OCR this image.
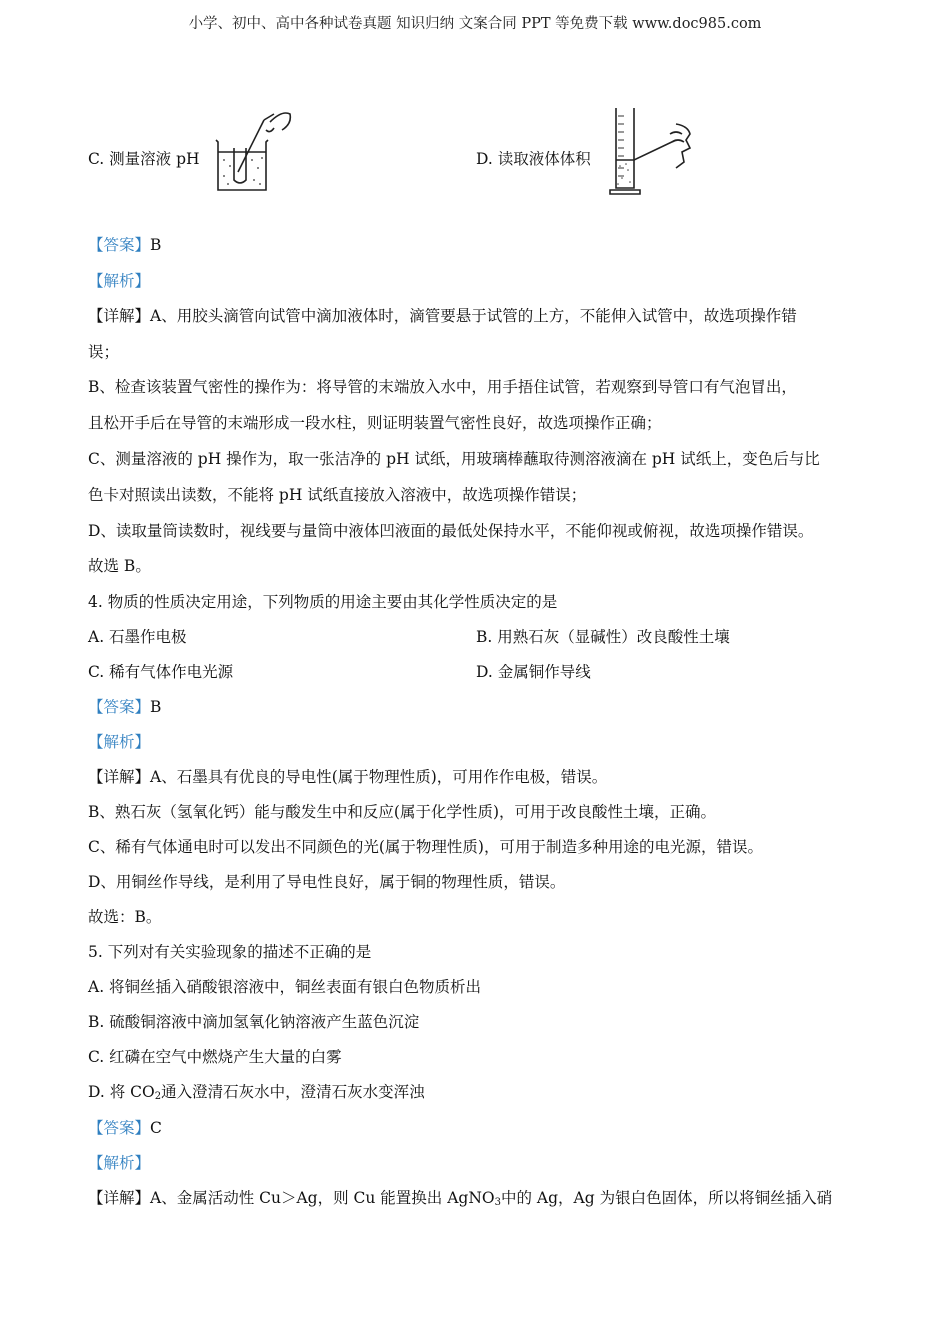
小学、初中、高中各种试卷真题 知识归纳 文案合同 PPT 等免费下载 www.doc985.com
C. 测量溶液 pH	D. 读取液体体积
【答案】B
【解析】
【详解】A、用胶头滴管向试管中滴加液体时，滴管要悬于试管的上方，不能伸入试管中，故选项操作错
误；
B、检查该装置气密性的操作为：将导管的末端放入水中，用手捂住试管，若观察到导管口有气泡冒出，
且松开手后在导管的末端形成一段水柱，则证明装置气密性良好，故选项操作正确；
C、测量溶液的 pH 操作为，取一张洁净的 pH 试纸，用玻璃棒蘸取待测溶液滴在 pH 试纸上，变色后与比
色卡对照读出读数，不能将 pH 试纸直接放入溶液中，故选项操作错误；
D、读取量筒读数时，视线要与量筒中液体凹液面的最低处保持水平，不能仰视或俯视，故选项操作错误。
故选 B。
4. 物质的性质决定用途，下列物质的用途主要由其化学性质决定的是
A. 石墨作电极	B. 用熟石灰（显碱性）改良酸性土壤
C. 稀有气体作电光源	D. 金属铜作导线
【答案】B
【解析】
【详解】A、石墨具有优良的导电性(属于物理性质)，可用作作电极，错误。
B、熟石灰（氢氧化钙）能与酸发生中和反应(属于化学性质)，可用于改良酸性土壤，正确。
C、稀有气体通电时可以发出不同颜色的光(属于物理性质)，可用于制造多种用途的电光源，错误。
D、用铜丝作导线，是利用了导电性良好，属于铜的物理性质，错误。
故选：B。
5. 下列对有关实验现象的描述不正确的是
A. 将铜丝插入硝酸银溶液中，铜丝表面有银白色物质析出
B. 硫酸铜溶液中滴加氢氧化钠溶液产生蓝色沉淀
C. 红磷在空气中燃烧产生大量的白雾
D. 将 $CO_2$通入澄清石灰水中，澄清石灰水变浑浊
【答案】C
【解析】
【详解】A、金属活动性 Cu＞Ag，则 Cu 能置换出 AgNO$_3$中的 Ag，Ag 为银白色固体，所以将铜丝插入硝
